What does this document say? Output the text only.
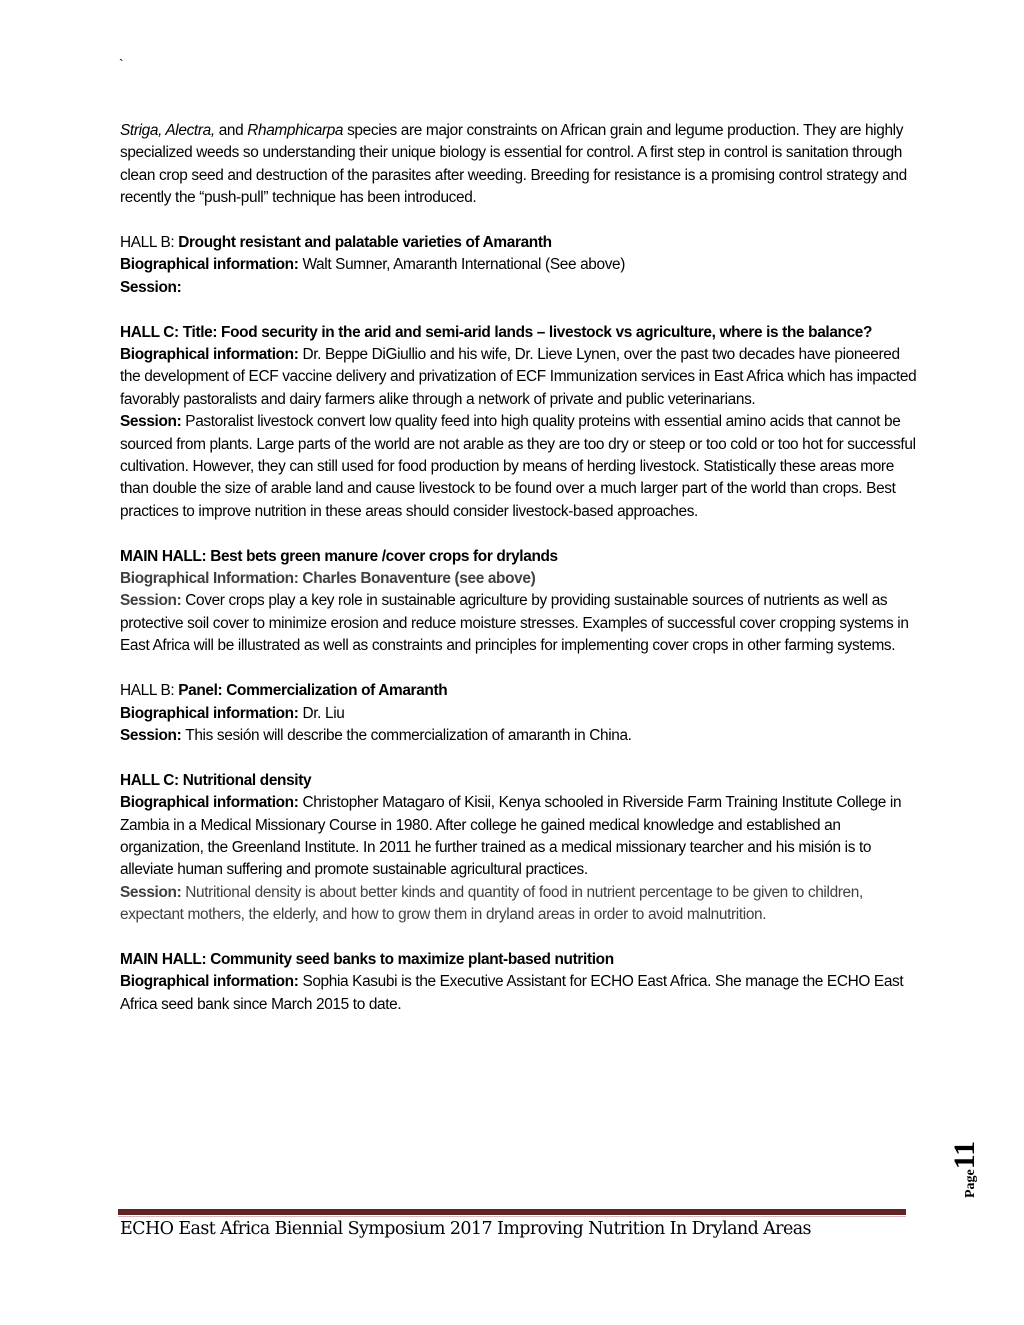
`

Striga, Alectra, and Rhamphicarpa species are major constraints on African grain and legume production. They are highly specialized weeds so understanding their unique biology is essential for control. A first step in control is sanitation through clean crop seed and destruction of the parasites after weeding. Breeding for resistance is a promising control strategy and recently the “push-pull” technique has been introduced.

HALL B: Drought resistant and palatable varieties of Amaranth

Biographical information: Walt Sumner, Amaranth International (See above)

Session:

HALL C: Title: Food security in the arid and semi-arid lands – livestock vs agriculture, where is the balance?

Biographical information: Dr. Beppe DiGiullio and his wife, Dr. Lieve Lynen, over the past two decades have pioneered the development of ECF vaccine delivery and privatization of ECF Immunization services in East Africa which has impacted favorably pastoralists and dairy farmers alike through a network of private and public veterinarians.

Session: Pastoralist livestock convert low quality feed into high quality proteins with essential amino acids that cannot be sourced from plants. Large parts of the world are not arable as they are too dry or steep or too cold or too hot for successful cultivation. However, they can still used for food production by means of herding livestock. Statistically these areas more than double the size of arable land and cause livestock to be found over a much larger part of the world than crops. Best practices to improve nutrition in these areas should consider livestock-based approaches.

MAIN HALL: Best bets green manure /cover crops for drylands

Biographical Information: Charles Bonaventure (see above)

Session: Cover crops play a key role in sustainable agriculture by providing sustainable sources of nutrients as well as protective soil cover to minimize erosion and reduce moisture stresses. Examples of successful cover cropping systems in East Africa will be illustrated as well as constraints and principles for implementing cover crops in other farming systems.

HALL B: Panel: Commercialization of Amaranth

Biographical information: Dr. Liu

Session: This sesión will describe the commercialization of amaranth in China.

HALL C: Nutritional density

Biographical information: Christopher Matagaro of Kisii, Kenya schooled in Riverside Farm Training Institute College in Zambia in a Medical Missionary Course in 1980. After college he gained medical knowledge and established an organization, the Greenland Institute. In 2011 he further trained as a medical missionary tearcher and his misión is to alleviate human suffering and promote sustainable agricultural practices.

Session: Nutritional density is about better kinds and quantity of food in nutrient percentage to be given to children, expectant mothers, the elderly, and how to grow them in dryland areas in order to avoid malnutrition.

MAIN HALL: Community seed banks to maximize plant-based nutrition

Biographical information: Sophia Kasubi is the Executive Assistant for ECHO East Africa. She manage the ECHO East Africa seed bank since March 2015 to date.

Page11
ECHO East Africa Biennial Symposium 2017 Improving Nutrition In Dryland Areas
